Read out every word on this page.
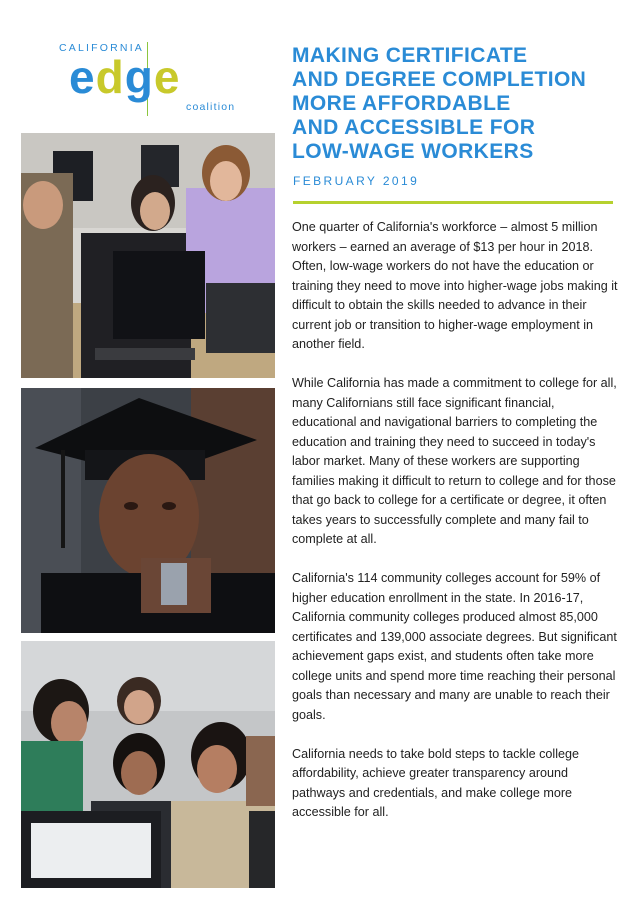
CALIFORNIA
edge
coalition
MAKING CERTIFICATE
AND DEGREE COMPLETION
MORE AFFORDABLE
AND ACCESSIBLE FOR
LOW-WAGE WORKERS
FEBRUARY 2019

One quarter of California's workforce – almost 5 million workers – earned an average of $13 per hour in 2018. Often, low-wage workers do not have the education or training they need to move into higher-wage jobs making it difficult to obtain the skills needed to advance in their current job or transition to higher-wage employment in another field.

While California has made a commitment to college for all, many Californians still face significant financial, educational and navigational barriers to completing the education and training they need to succeed in today's labor market. Many of these workers are supporting families making it difficult to return to college and for those that go back to college for a certificate or degree, it often takes years to successfully complete and many fail to complete at all.

California's 114 community colleges account for 59% of higher education enrollment in the state. In 2016-17, California community colleges produced almost 85,000 certificates and 139,000 associate degrees. But significant achievement gaps exist, and students often take more college units and spend more time reaching their personal goals than necessary and many are unable to reach their goals.

California needs to take bold steps to tackle college affordability, achieve greater transparency around pathways and credentials, and make college more accessible for all.
